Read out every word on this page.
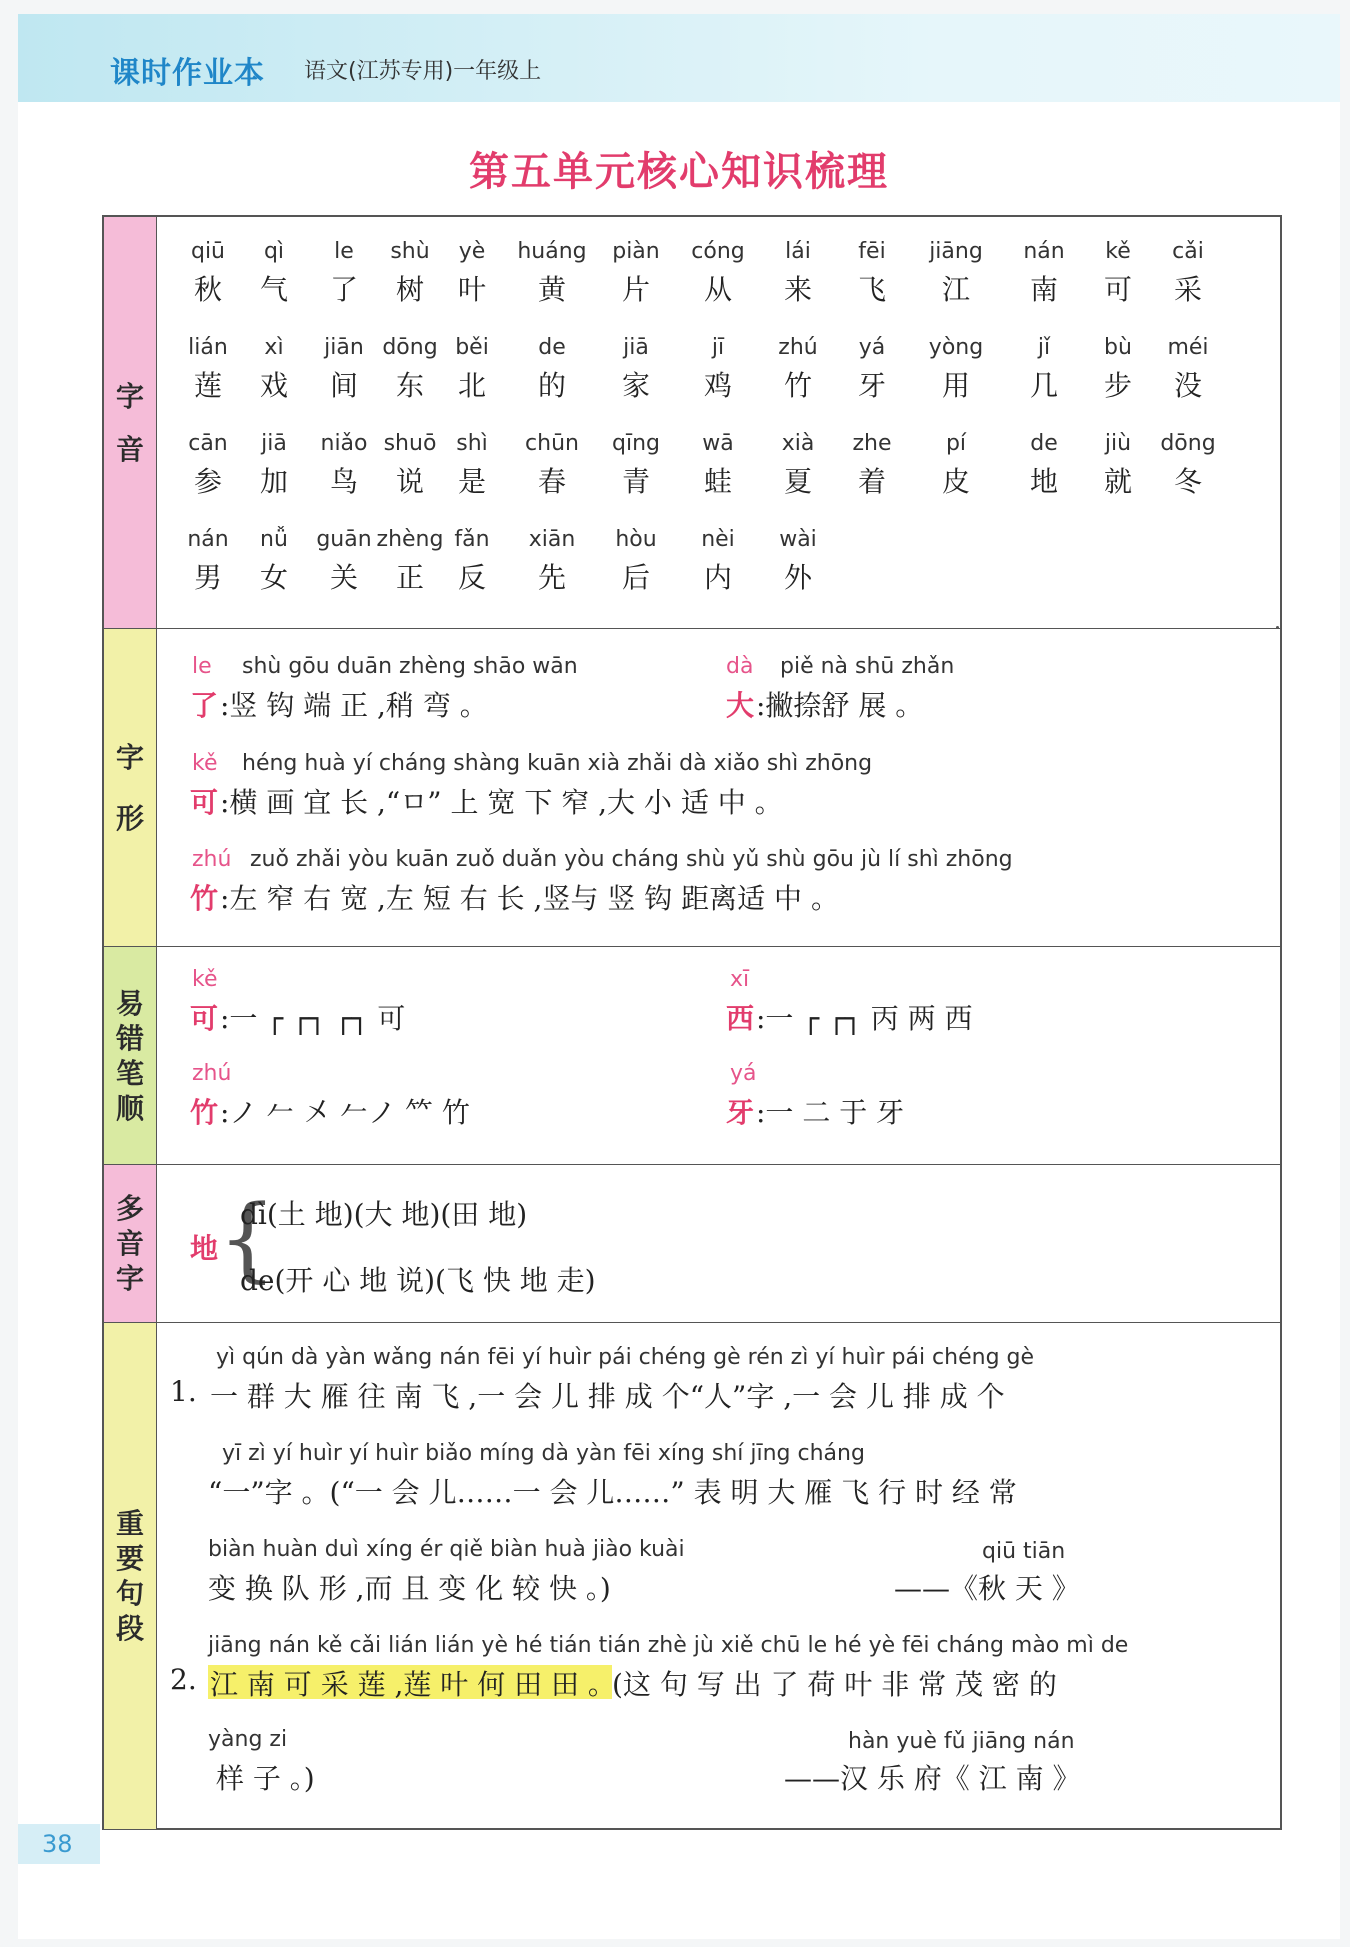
课时作业本 语文(江苏专用)一年级上
第五单元核心知识梳理
字
音
qiū
秋
qì
气
le
了
shù
树
yè
叶
huáng
黄
piàn
片
cóng
从
lái
来
fēi
飞
jiāng
江
nán
南
kě
可
cǎi
采
lián
莲
xì
戏
jiān
间
dōng
东
běi
北
de
的
jiā
家
jī
鸡
zhú
竹
yá
牙
yòng
用
jǐ
几
bù
步
méi
没
cān
参
jiā
加
niǎo
鸟
shuō
说
shì
是
chūn
春
qīng
青
wā
蛙
xià
夏
zhe
着
pí
皮
de
地
jiù
就
dōng
冬
nán
男
nǚ
女
guān
关
zhèng
正
fǎn
反
xiān
先
hòu
后
nèi
内
wài
外
字
形
le shù gōu duān zhèng shāo wān
了 :竖 钩 端 正 ,稍 弯 。
dà piě nà shū zhǎn
大 :撇捺舒 展 。
kě héng huà yí cháng shàng kuān xià zhǎi dà xiǎo shì zhōng
可 :横 画 宜 长 ,“ㅁ” 上 宽 下 窄 ,大 小 适 中 。
zhú zuǒ zhǎi yòu kuān zuǒ duǎn yòu cháng shù yǔ shù gōu jù lí shì zhōng
竹 :左 窄 右 宽 ,左 短 右 长 ,竖与 竖 钩 距离适 中 。
易
错
笔
顺
kě
可 :一 ┌ ┌┐ ┌┐ 可
xī
西 :一 ┌ ┌┐ 丙 两 西
zhú
竹 :ノ 𠂉 㐅 𠂉ノ 𥫗 竹
yá
牙 :一 二 于 牙
多
音
字
地 {
dì(土 地)(大 地)(田 地)
de(开 心 地 说)(飞 快 地 走)
重
要
句
段
yì qún dà yàn wǎng nán fēi yí huìr pái chéng gè rén zì yí huìr pái chéng gè
1. 一 群 大 雁 往 南 飞 ,一 会 儿 排 成 个“人”字 ,一 会 儿 排 成 个
yī zì yí huìr yí huìr biǎo míng dà yàn fēi xíng shí jīng cháng
“一”字 。(“一 会 儿……一 会 儿……” 表 明 大 雁 飞 行 时 经 常
biàn huàn duì xíng ér qiě biàn huà jiào kuài
变 换 队 形 ,而 且 变 化 较 快 。)
qiū tiān
——《秋 天 》
jiāng nán kě cǎi lián lián yè hé tián tián zhè jù xiě chū le hé yè fēi cháng mào mì de
2. 江 南 可 采 莲 ,莲 叶 何 田 田 。
(这 句 写 出 了 荷 叶 非 常 茂 密 的
yàng zi
样 子 。)
hàn yuè fǔ jiāng nán
——汉 乐 府《 江 南 》
38
